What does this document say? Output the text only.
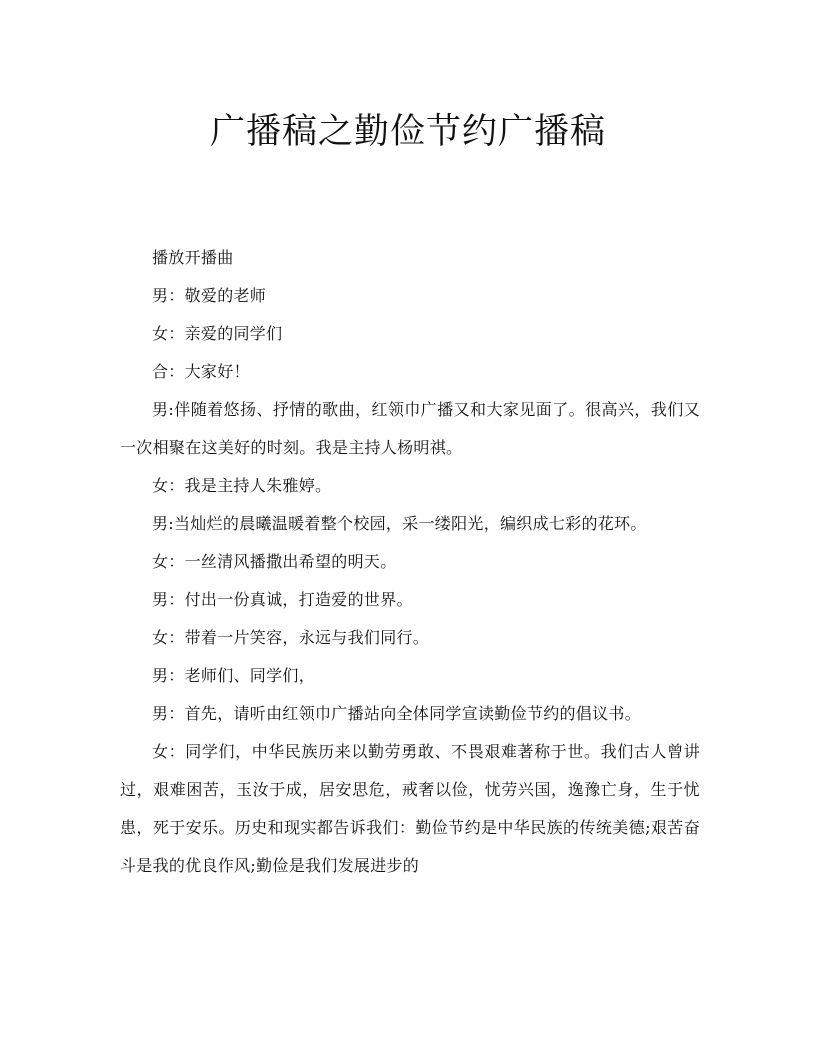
广播稿之勤俭节约广播稿

播放开播曲

男：敬爱的老师

女：亲爱的同学们

合：大家好！

男:伴随着悠扬、抒情的歌曲，红领巾广播又和大家见面了。很高兴，我们又一次相聚在这美好的时刻。我是主持人杨明祺。

女：我是主持人朱雅婷。

男:当灿烂的晨曦温暖着整个校园，采一缕阳光，编织成七彩的花环。

女：一丝清风播撒出希望的明天。

男：付出一份真诚，打造爱的世界。

女：带着一片笑容，永远与我们同行。

男：老师们、同学们，

男：首先，请听由红领巾广播站向全体同学宣读勤俭节约的倡议书。

女：同学们，中华民族历来以勤劳勇敢、不畏艰难著称于世。我们古人曾讲过，艰难困苦，玉汝于成，居安思危，戒奢以俭，忧劳兴国，逸豫亡身，生于忧患，死于安乐。历史和现实都告诉我们：勤俭节约是中华民族的传统美德;艰苦奋斗是我的优良作风;勤俭是我们发展进步的
